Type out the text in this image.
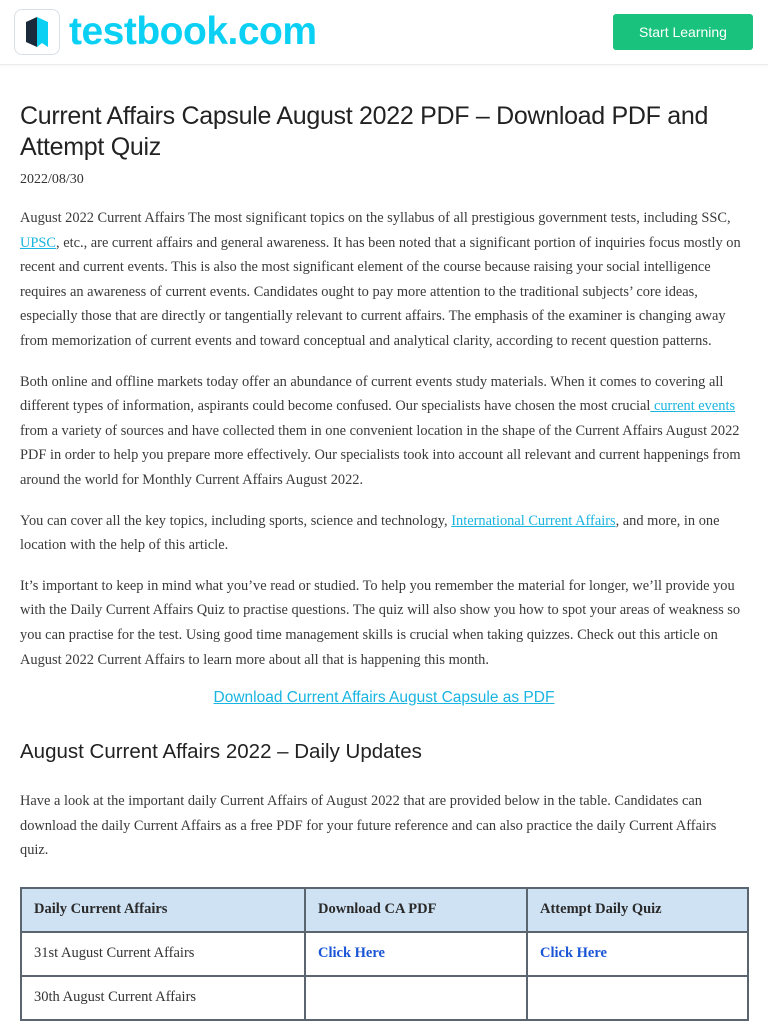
testbook.com	Start Learning
Current Affairs Capsule August 2022 PDF – Download PDF and Attempt Quiz
2022/08/30

August 2022 Current Affairs The most significant topics on the syllabus of all prestigious government tests, including SSC, UPSC, etc., are current affairs and general awareness. It has been noted that a significant portion of inquiries focus mostly on recent and current events. This is also the most significant element of the course because raising your social intelligence requires an awareness of current events. Candidates ought to pay more attention to the traditional subjects’ core ideas, especially those that are directly or tangentially relevant to current affairs. The emphasis of the examiner is changing away from memorization of current events and toward conceptual and analytical clarity, according to recent question patterns.

Both online and offline markets today offer an abundance of current events study materials. When it comes to covering all different types of information, aspirants could become confused. Our specialists have chosen the most crucial current events from a variety of sources and have collected them in one convenient location in the shape of the Current Affairs August 2022 PDF in order to help you prepare more effectively. Our specialists took into account all relevant and current happenings from around the world for Monthly Current Affairs August 2022.

You can cover all the key topics, including sports, science and technology, International Current Affairs, and more, in one location with the help of this article.

It’s important to keep in mind what you’ve read or studied. To help you remember the material for longer, we’ll provide you with the Daily Current Affairs Quiz to practise questions. The quiz will also show you how to spot your areas of weakness so you can practise for the test. Using good time management skills is crucial when taking quizzes. Check out this article on August 2022 Current Affairs to learn more about all that is happening this month.

Download Current Affairs August Capsule as PDF
August Current Affairs 2022 – Daily Updates

Have a look at the important daily Current Affairs of August 2022 that are provided below in the table. Candidates can download the daily Current Affairs as a free PDF for your future reference and can also practice the daily Current Affairs quiz.

Daily Current Affairs	Download CA PDF	Attempt Daily Quiz
31st August Current Affairs	Click Here	Click Here
30th August Current Affairs		
